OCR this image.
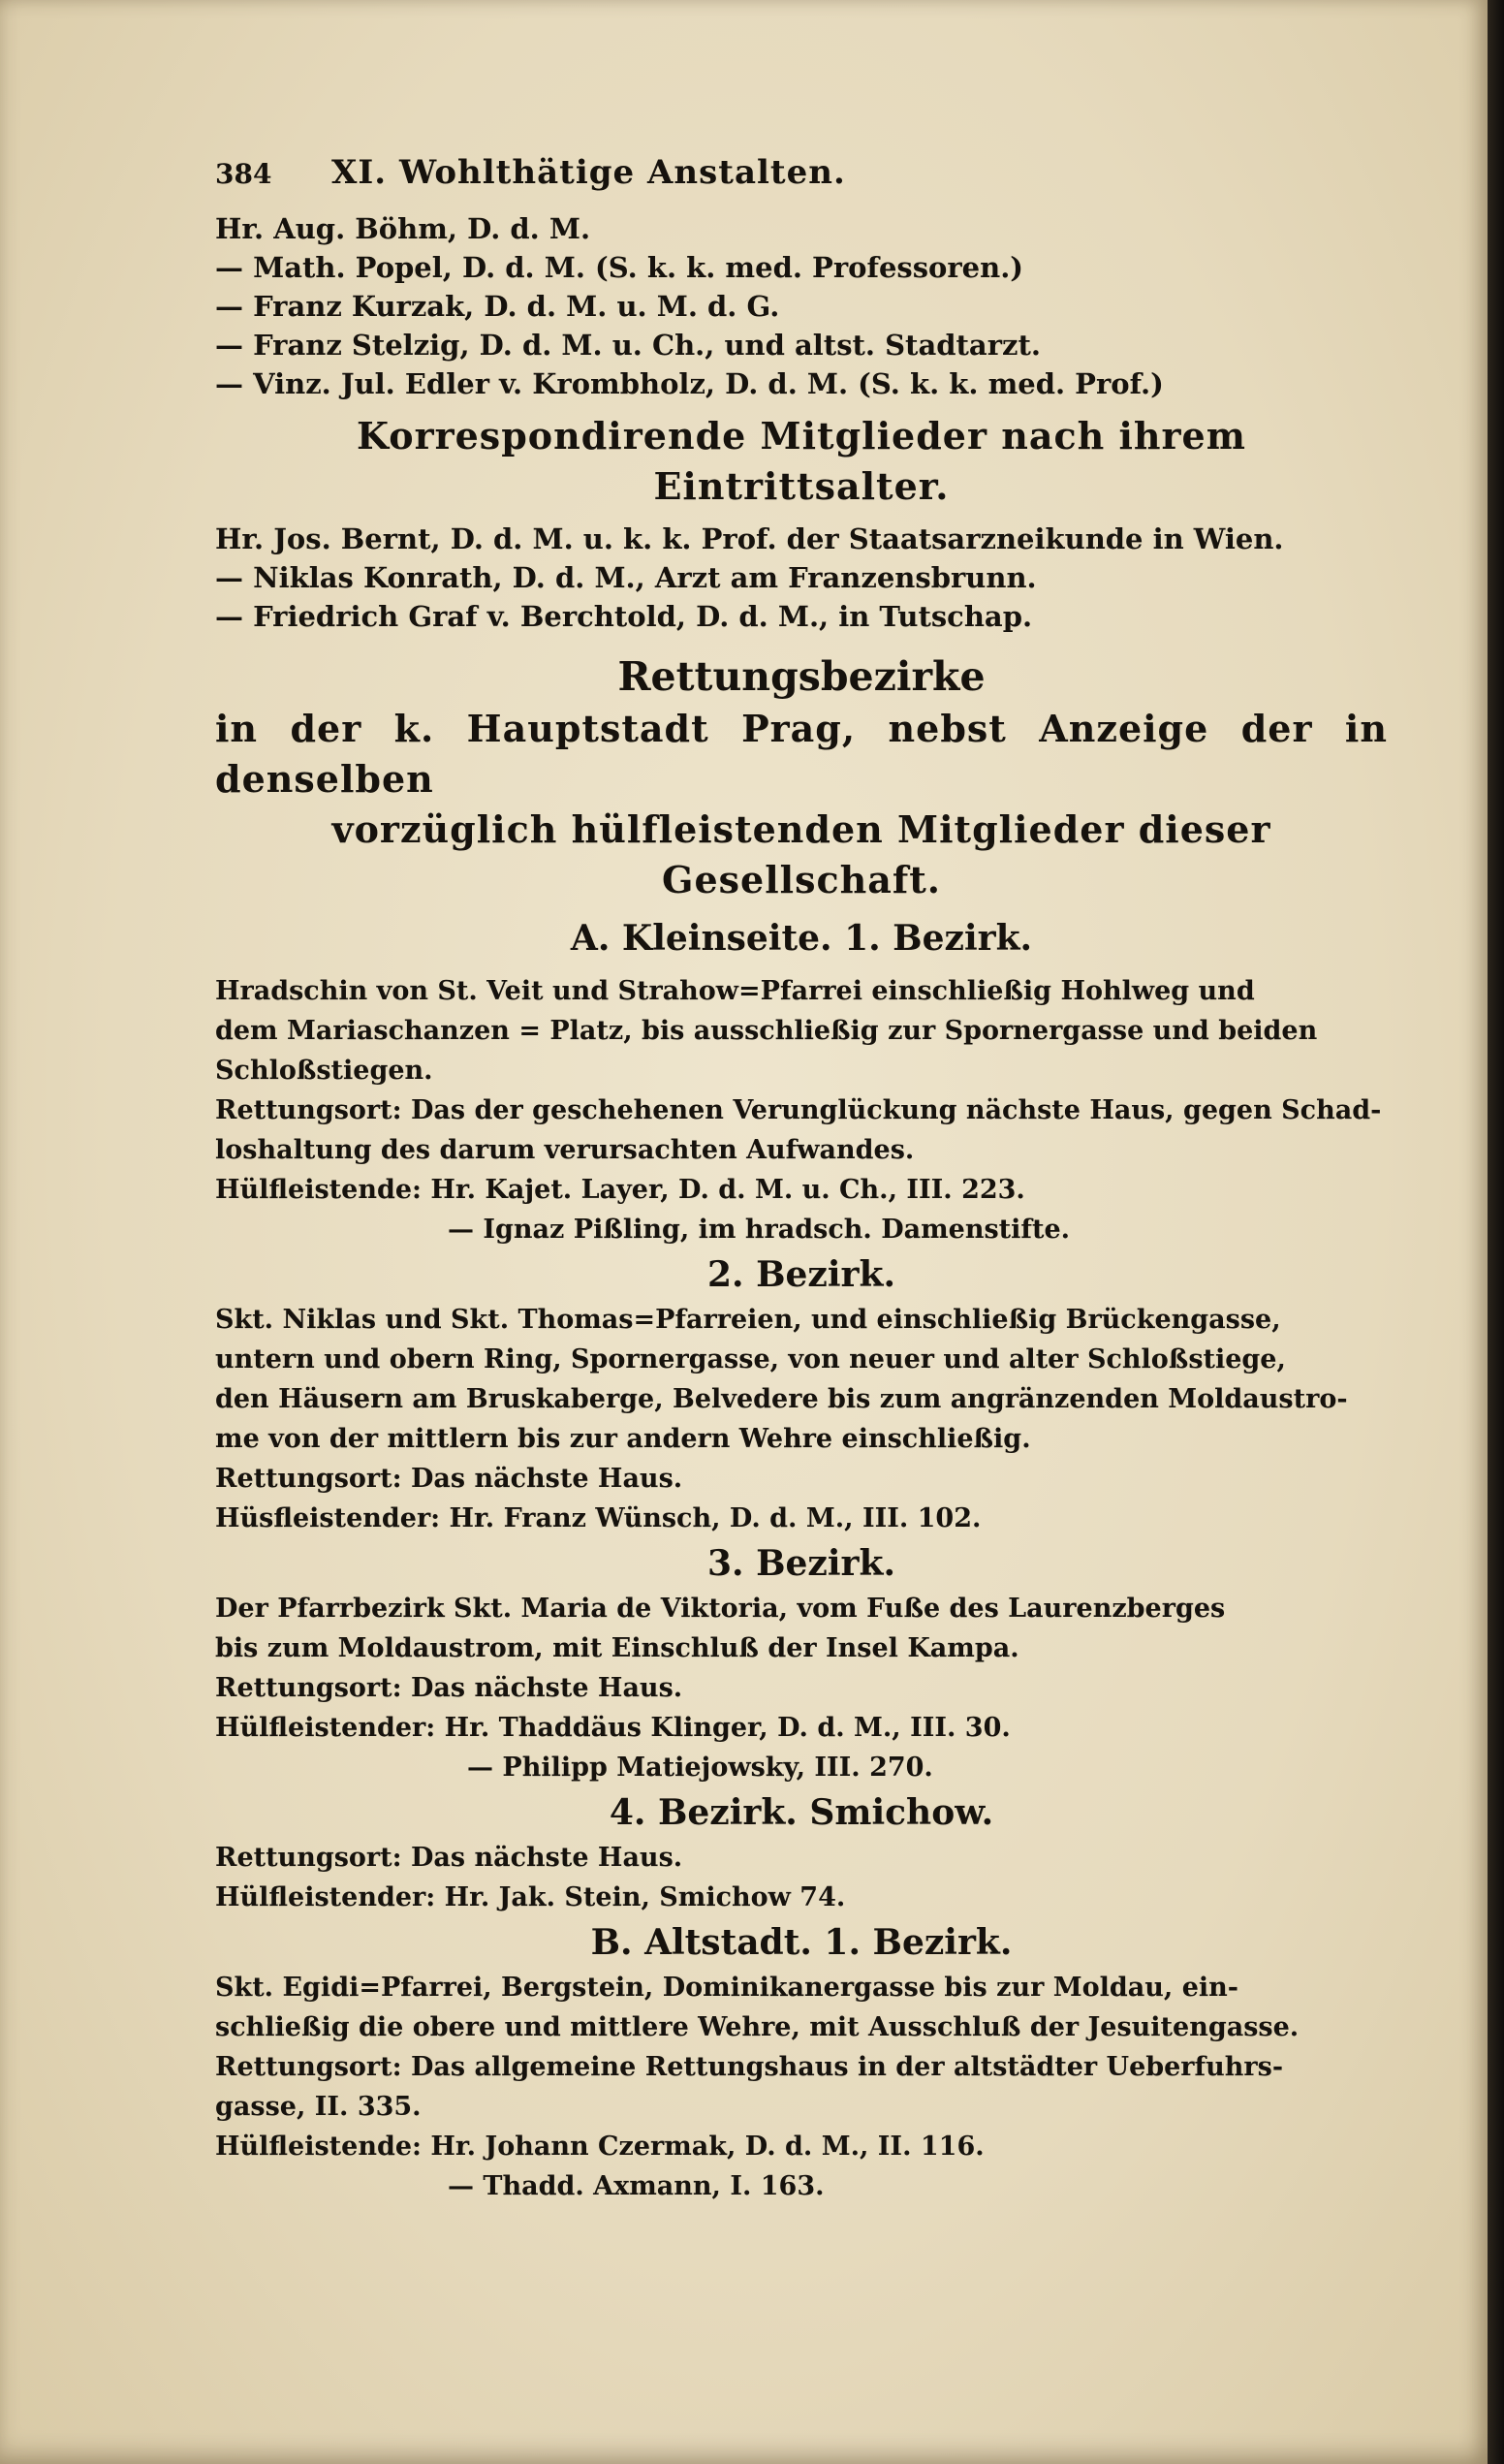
384	XI. Wohlthätige Anstalten.
Hr. Aug. Böhm, D. d. M.
— Math. Popel, D. d. M. (S. k. k. med. Professoren.)
— Franz Kurzak, D. d. M. u. M. d. G.
— Franz Stelzig, D. d. M. u. Ch., und altst. Stadtarzt.
— Vinz. Jul. Edler v. Krombholz, D. d. M. (S. k. k. med. Prof.)
Korrespondirende Mitglieder nach ihrem Eintrittsalter.
Hr. Jos. Bernt, D. d. M. u. k. k. Prof. der Staatsarzneikunde in Wien.
— Niklas Konrath, D. d. M., Arzt am Franzensbrunn.
— Friedrich Graf v. Berchtold, D. d. M., in Tutschap.
Rettungsbezirke
in der k. Hauptstadt Prag, nebst Anzeige der in denselben
vorzüglich hülfleistenden Mitglieder dieser Gesellschaft.
A. Kleinseite. 1. Bezirk.
Hradschin von St. Veit und Strahow=Pfarrei einschließig Hohlweg und
dem Mariaschanzen = Platz, bis ausschließig zur Spornergasse und beiden
Schloßstiegen.
Rettungsort: Das der geschehenen Verunglückung nächste Haus, gegen Schad-
loshaltung des darum verursachten Aufwandes.
Hülfleistende: Hr. Kajet. Layer, D. d. M. u. Ch., III. 223.
— Ignaz Pißling, im hradsch. Damenstifte.
2. Bezirk.
Skt. Niklas und Skt. Thomas=Pfarreien, und einschließig Brückengasse,
untern und obern Ring, Spornergasse, von neuer und alter Schloßstiege,
den Häusern am Bruskaberge, Belvedere bis zum angränzenden Moldaustro-
me von der mittlern bis zur andern Wehre einschließig.
Rettungsort: Das nächste Haus.
Hüsfleistender: Hr. Franz Wünsch, D. d. M., III. 102.
3. Bezirk.
Der Pfarrbezirk Skt. Maria de Viktoria, vom Fuße des Laurenzberges
bis zum Moldaustrom, mit Einschluß der Insel Kampa.
Rettungsort: Das nächste Haus.
Hülfleistender: Hr. Thaddäus Klinger, D. d. M., III. 30.
— Philipp Matiejowsky, III. 270.
4. Bezirk. Smichow.
Rettungsort: Das nächste Haus.
Hülfleistender: Hr. Jak. Stein, Smichow 74.
B. Altstadt. 1. Bezirk.
Skt. Egidi=Pfarrei, Bergstein, Dominikanergasse bis zur Moldau, ein-
schließig die obere und mittlere Wehre, mit Ausschluß der Jesuitengasse.
Rettungsort: Das allgemeine Rettungshaus in der altstädter Ueberfuhrs-
gasse, II. 335.
Hülfleistende: Hr. Johann Czermak, D. d. M., II. 116.
— Thadd. Axmann, I. 163.
